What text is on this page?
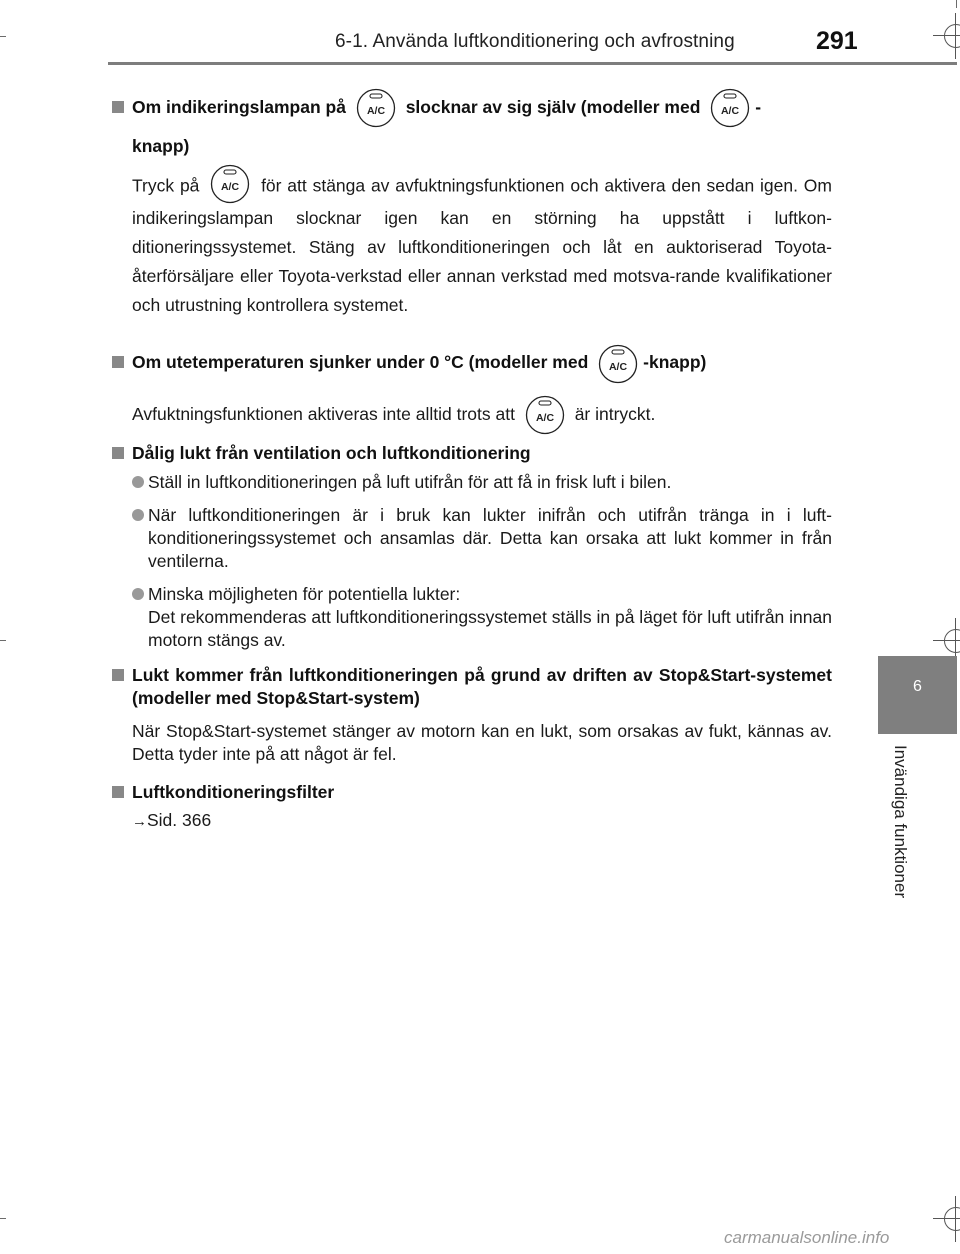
6-1. Använda luftkonditionering och avfrostning	291
6
Invändiga funktioner
Om indikeringslampan på A/C slocknar av sig själv (modeller med A/C -
knapp)
Tryck på A/C för att stänga av avfuktningsfunktionen och aktivera den sedan igen. Om indikeringslampan slocknar igen kan en störning ha uppstått i luftkon-ditioneringssystemet. Stäng av luftkonditioneringen och låt en auktoriserad Toyota-återförsäljare eller Toyota-verkstad eller annan verkstad med motsva-rande kvalifikationer och utrustning kontrollera systemet.
Om utetemperaturen sjunker under 0 °C (modeller med A/C -knapp)
Avfuktningsfunktionen aktiveras inte alltid trots att A/C är intryckt.
Dålig lukt från ventilation och luftkonditionering
Ställ in luftkonditioneringen på luft utifrån för att få in frisk luft i bilen.
När luftkonditioneringen är i bruk kan lukter inifrån och utifrån tränga in i luft-konditioneringssystemet och ansamlas där. Detta kan orsaka att lukt kommer in från ventilerna.
Minska möjligheten för potentiella lukter:
Det rekommenderas att luftkonditioneringssystemet ställs in på läget för luft utifrån innan motorn stängs av.
Lukt kommer från luftkonditioneringen på grund av driften av Stop&Start-systemet (modeller med Stop&Start-system)
När Stop&Start-systemet stänger av motorn kan en lukt, som orsakas av fukt, kännas av. Detta tyder inte på att något är fel.
Luftkonditioneringsfilter
→Sid. 366
carmanualsonline.info
